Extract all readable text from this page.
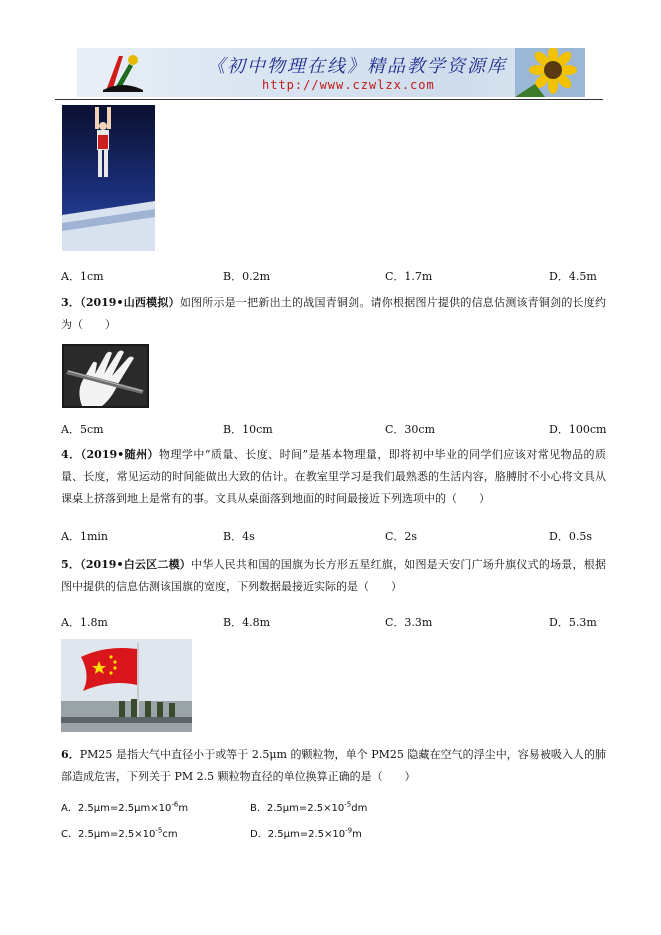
《初中物理在线》精品教学资源库
http://www.czwlzx.com
A．1cm	B．0.2m	C．1.7m	D．4.5m
3．（2019•山西模拟）如图所示是一把新出土的战国青铜剑。请你根据图片提供的信息估测该青铜剑的长度约为（　　）
A．5cm	B．10cm	C．30cm	D．100cm
4．（2019•随州）物理学中“质量、长度、时间”是基本物理量，即将初中毕业的同学们应该对常见物品的质量、长度，常见运动的时间能做出大致的估计。在教室里学习是我们最熟悉的生活内容，胳膊肘不小心将文具从课桌上挤落到地上是常有的事。文具从桌面落到地面的时间最接近下列选项中的（　　）
A．1min	B．4s	C．2s	D．0.5s
5．（2019•白云区二模）中华人民共和国的国旗为长方形五星红旗，如图是天安门广场升旗仪式的场景，根据图中提供的信息估测该国旗的宽度，下列数据最接近实际的是（　　）
A．1.8m	B．4.8m	C．3.3m	D．5.3m
6．PM25 是指大气中直径小于或等于 2.5μm 的颗粒物，单个 PM25 隐藏在空气的浮尘中，容易被吸入人的肺部造成危害，下列关于 PM 2.5 颗粒物直径的单位换算正确的是（　　）
A．$2.5\mu m=2.5\mu m\times 10^{-6}m$	B．$2.5\mu m=2.5\times 10^{-5}dm$
C．$2.5\mu m=2.5\times 10^{-5}cm$	D．$2.5\mu m=2.5\times 10^{-9}m$
